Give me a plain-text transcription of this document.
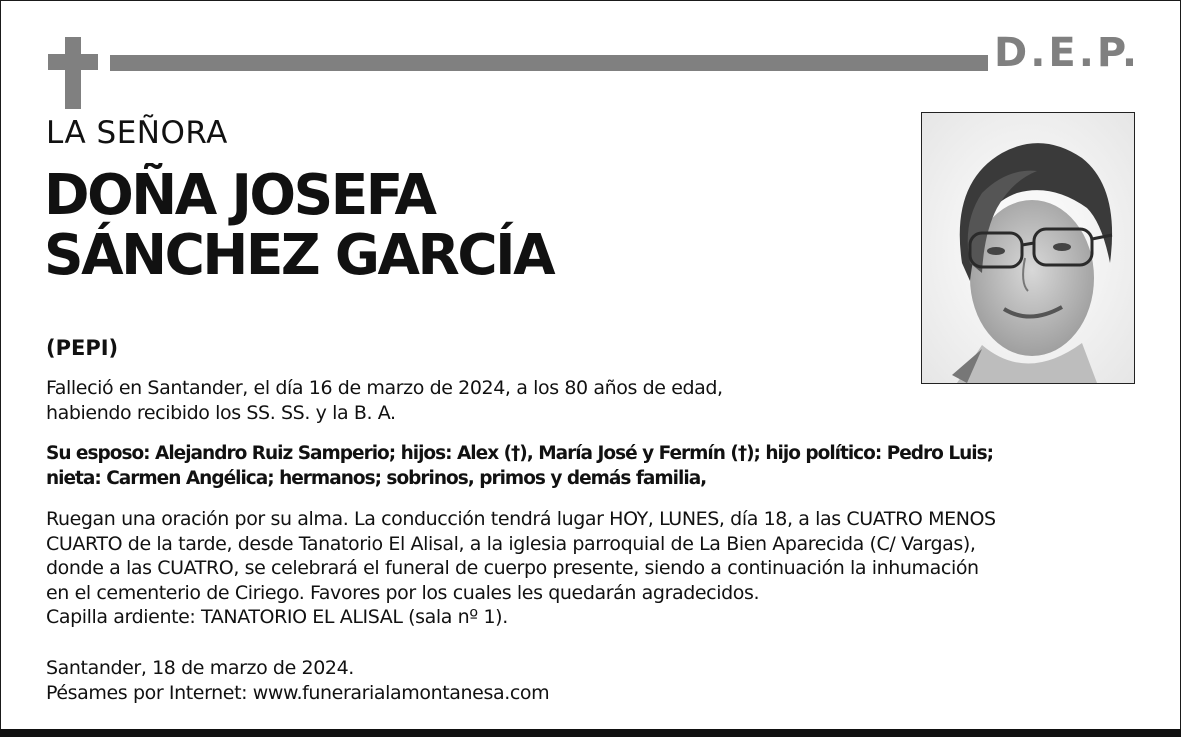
D.E.P.
LA SEÑORA
DOÑA JOSEFA
SÁNCHEZ GARCÍA
(PEPI)
Falleció en Santander, el día 16 de marzo de 2024, a los 80 años de edad,
habiendo recibido los SS. SS. y la B. A.
Su esposo: Alejandro Ruiz Samperio; hijos: Alex (†), María José y Fermín (†); hijo político: Pedro Luis;
nieta: Carmen Angélica; hermanos; sobrinos, primos y demás familia,
Ruegan una oración por su alma. La conducción tendrá lugar HOY, LUNES, día 18, a las CUATRO MENOS
CUARTO de la tarde, desde Tanatorio El Alisal, a la iglesia parroquial de La Bien Aparecida (C/ Vargas),
donde a las CUATRO, se celebrará el funeral de cuerpo presente, siendo a continuación la inhumación
en el cementerio de Ciriego. Favores por los cuales les quedarán agradecidos.
Capilla ardiente: TANATORIO EL ALISAL (sala nº 1).
Santander, 18 de marzo de 2024.
Pésames por Internet: www.funerarialamontanesa.com
